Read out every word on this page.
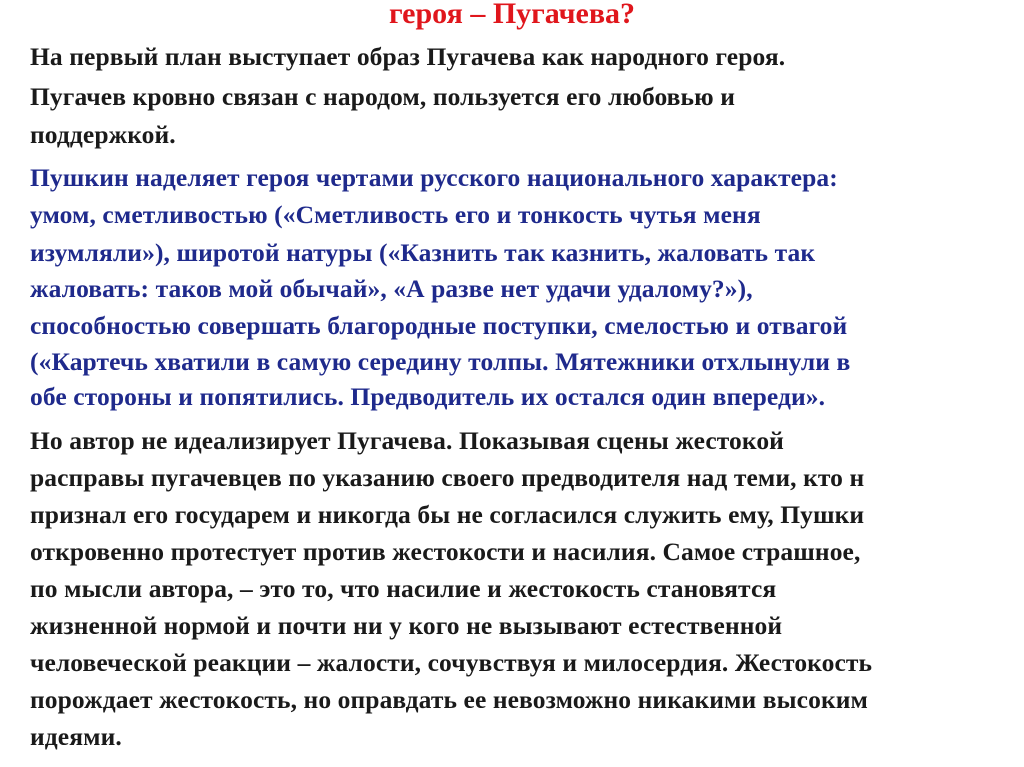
героя – Пугачева?
На первый план выступает образ Пугачева как народного героя.
Пугачев кровно связан с народом, пользуется его любовью и
поддержкой.
Пушкин наделяет героя чертами русского национального характера:
умом, сметливостью («Сметливость его и тонкость чутья меня
изумляли»), широтой натуры («Казнить так казнить, жаловать так
жаловать: таков мой обычай», «А разве нет удачи удалому?»),
способностью совершать благородные поступки, смелостью и отвагой
(«Картечь хватили в самую середину толпы. Мятежники отхлынули в
обе стороны и попятились. Предводитель их остался один впереди».
Но автор не идеализирует Пугачева. Показывая сцены жестокой
расправы пугачевцев по указанию своего предводителя над теми, кто н
признал его государем и никогда бы не согласился служить ему, Пушки
откровенно протестует против жестокости и насилия. Самое страшное,
по мысли автора, – это то, что насилие и жестокость становятся
жизненной нормой и почти ни у кого не вызывают естественной
человеческой реакции – жалости, сочувствуя и милосердия. Жестокость
порождает жестокость, но оправдать ее невозможно никакими высоким
идеями.
